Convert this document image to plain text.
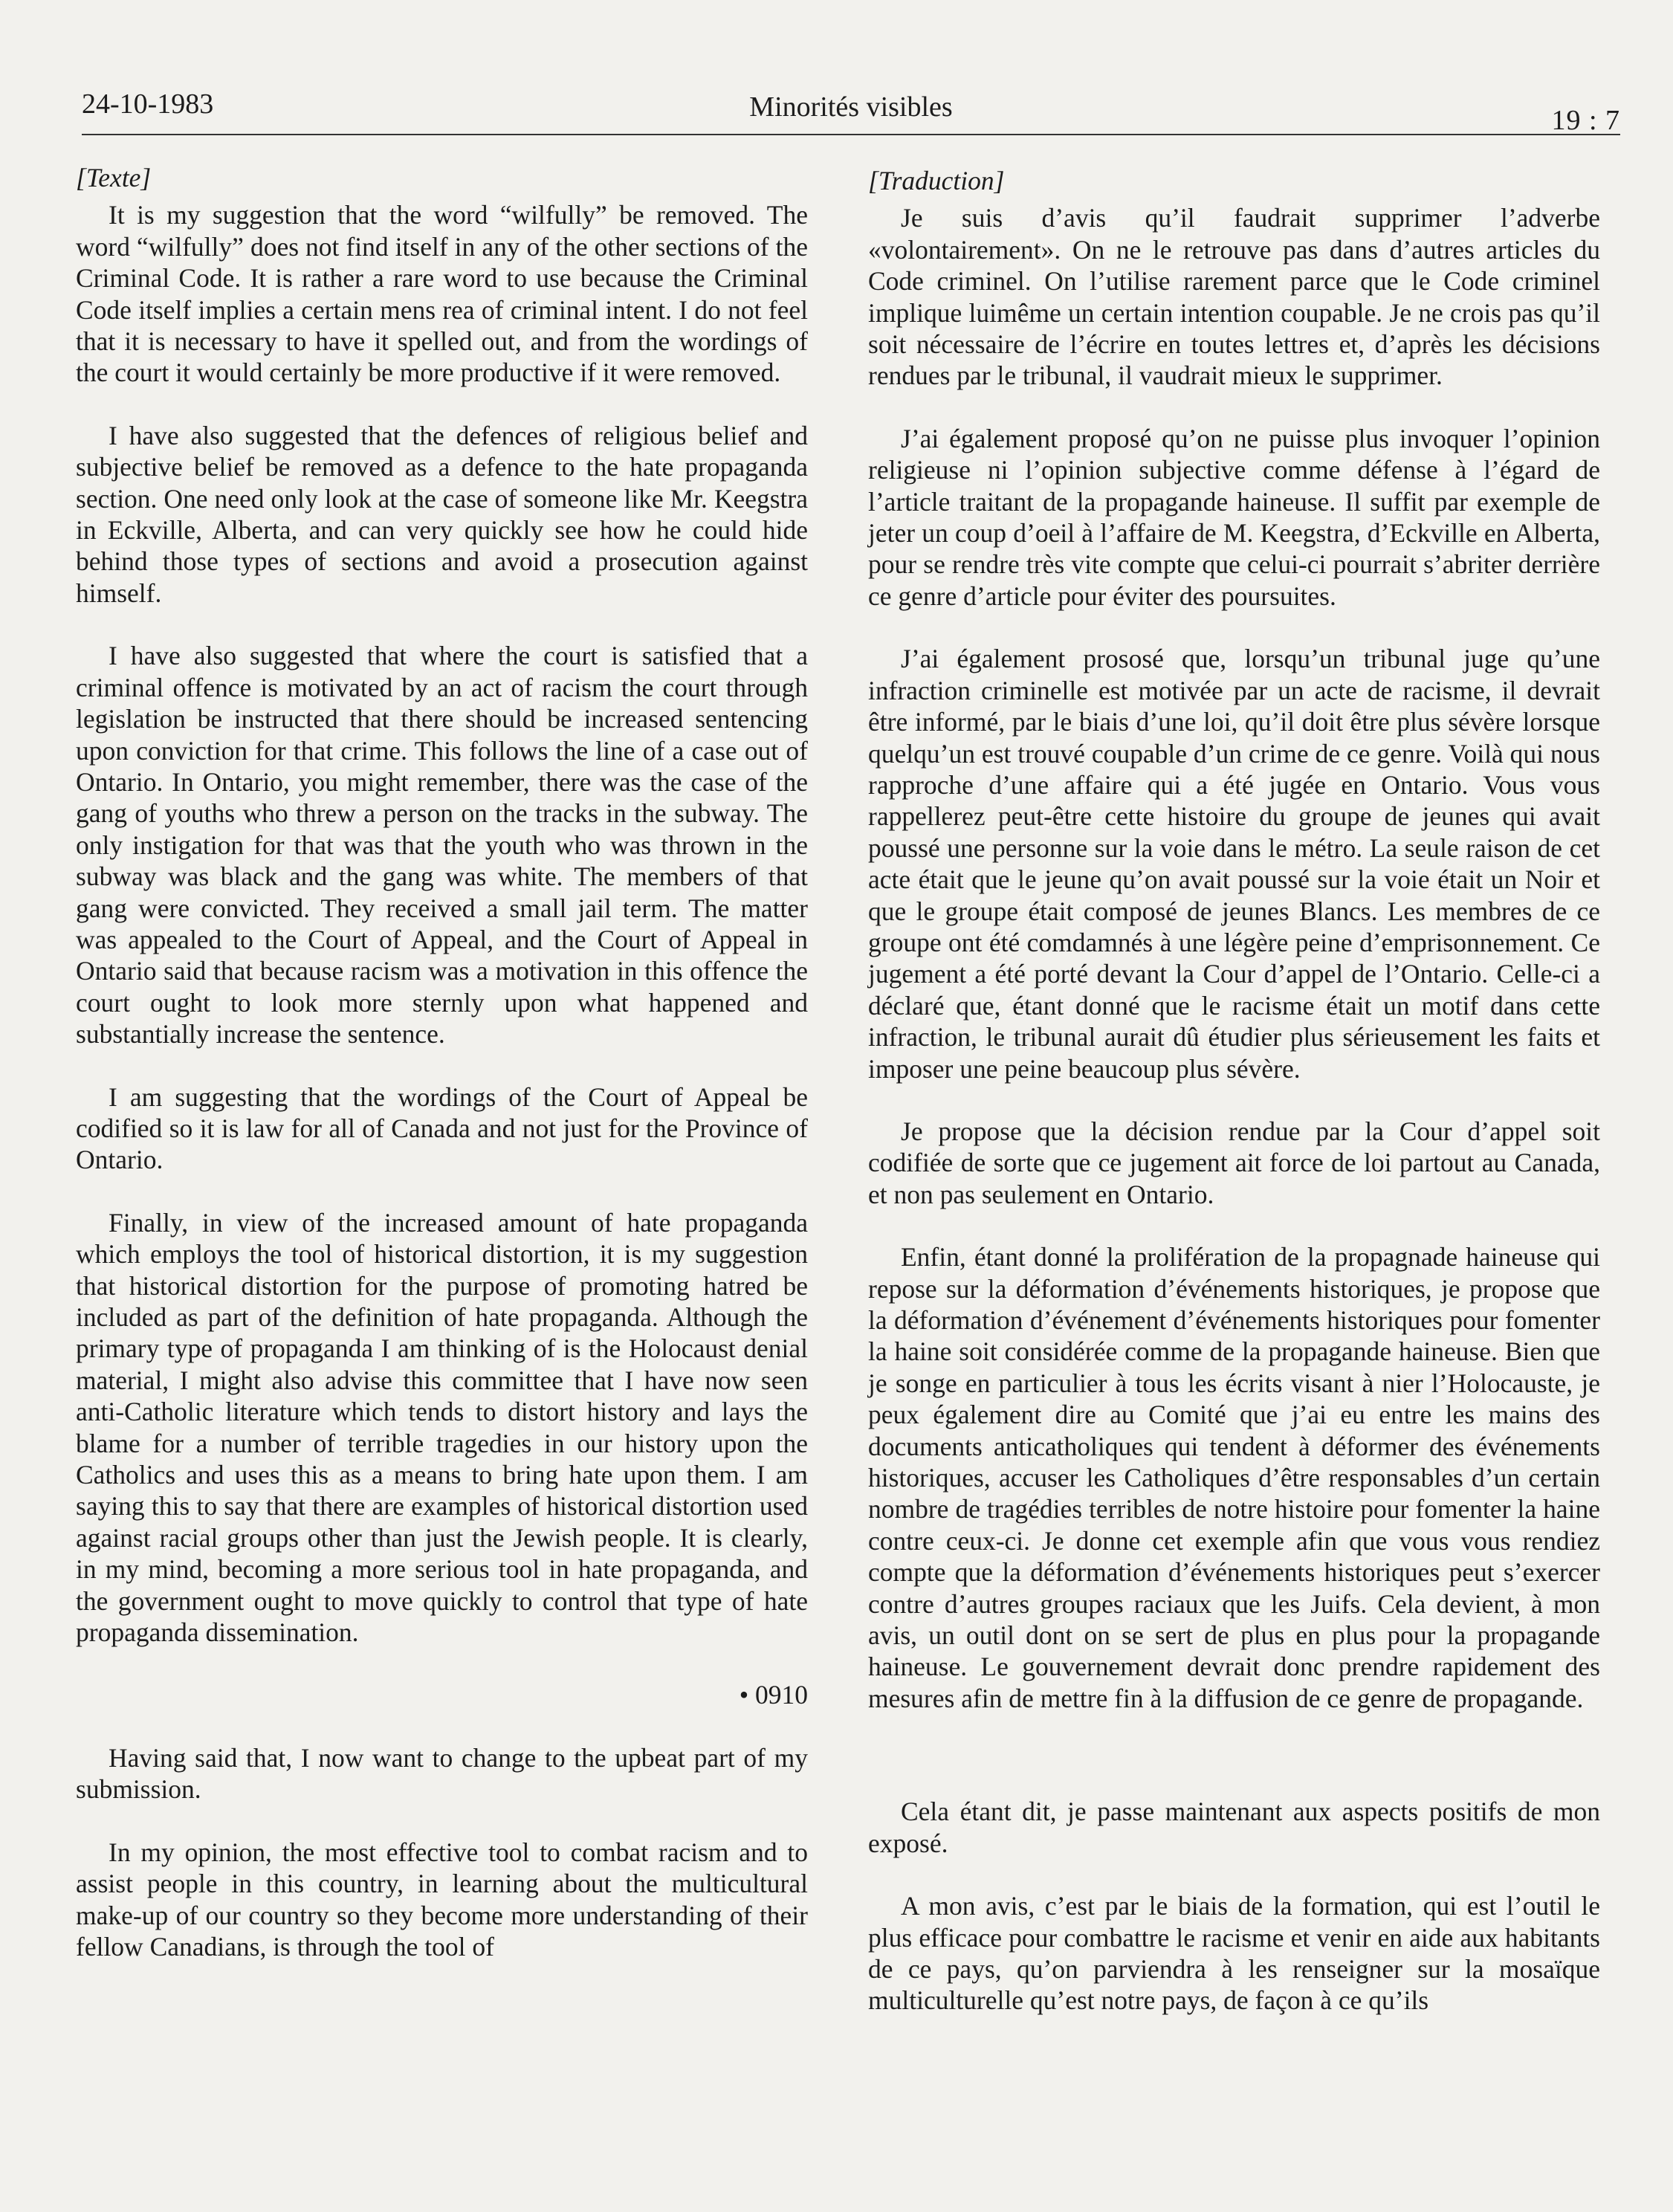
24-10-1983	Minorités visibles	19 : 7

[Texte]

It is my suggestion that the word “wilfully” be removed. The word “wilfully” does not find itself in any of the other sections of the Criminal Code. It is rather a rare word to use because the Criminal Code itself implies a certain mens rea of criminal intent. I do not feel that it is necessary to have it spelled out, and from the wordings of the court it would certainly be more productive if it were removed.

I have also suggested that the defences of religious belief and subjective belief be removed as a defence to the hate propaganda section. One need only look at the case of someone like Mr. Keegstra in Eckville, Alberta, and can very quickly see how he could hide behind those types of sections and avoid a prosecution against himself.

I have also suggested that where the court is satisfied that a criminal offence is motivated by an act of racism the court through legislation be instructed that there should be increased sentencing upon conviction for that crime. This follows the line of a case out of Ontario. In Ontario, you might remember, there was the case of the gang of youths who threw a person on the tracks in the subway. The only instigation for that was that the youth who was thrown in the subway was black and the gang was white. The members of that gang were convicted. They received a small jail term. The matter was appealed to the Court of Appeal, and the Court of Appeal in Ontario said that because racism was a motivation in this offence the court ought to look more sternly upon what happened and substantially increase the sentence.

I am suggesting that the wordings of the Court of Appeal be codified so it is law for all of Canada and not just for the Province of Ontario.

Finally, in view of the increased amount of hate propaganda which employs the tool of historical distortion, it is my suggestion that historical distortion for the purpose of promoting hatred be included as part of the definition of hate propaganda. Although the primary type of propaganda I am thinking of is the Holocaust denial material, I might also advise this committee that I have now seen anti-Catholic literature which tends to distort history and lays the blame for a number of terrible tragedies in our history upon the Catholics and uses this as a means to bring hate upon them. I am saying this to say that there are examples of historical distortion used against racial groups other than just the Jewish people. It is clearly, in my mind, becoming a more serious tool in hate propaganda, and the government ought to move quickly to control that type of hate propaganda dissemination.

• 0910

Having said that, I now want to change to the upbeat part of my submission.

In my opinion, the most effective tool to combat racism and to assist people in this country, in learning about the multicultural make-up of our country so they become more understanding of their fellow Canadians, is through the tool of

[Traduction]

Je suis d’avis qu’il faudrait supprimer l’adverbe «volontairement». On ne le retrouve pas dans d’autres articles du Code criminel. On l’utilise rarement parce que le Code criminel implique luimême un certain intention coupable. Je ne crois pas qu’il soit nécessaire de l’écrire en toutes lettres et, d’après les décisions rendues par le tribunal, il vaudrait mieux le supprimer.

J’ai également proposé qu’on ne puisse plus invoquer l’opinion religieuse ni l’opinion subjective comme défense à l’égard de l’article traitant de la propagande haineuse. Il suffit par exemple de jeter un coup d’oeil à l’affaire de M. Keegstra, d’Eckville en Alberta, pour se rendre très vite compte que celui-ci pourrait s’abriter derrière ce genre d’article pour éviter des poursuites.

J’ai également prososé que, lorsqu’un tribunal juge qu’une infraction criminelle est motivée par un acte de racisme, il devrait être informé, par le biais d’une loi, qu’il doit être plus sévère lorsque quelqu’un est trouvé coupable d’un crime de ce genre. Voilà qui nous rapproche d’une affaire qui a été jugée en Ontario. Vous vous rappellerez peut-être cette histoire du groupe de jeunes qui avait poussé une personne sur la voie dans le métro. La seule raison de cet acte était que le jeune qu’on avait poussé sur la voie était un Noir et que le groupe était composé de jeunes Blancs. Les membres de ce groupe ont été comdamnés à une légère peine d’emprisonnement. Ce jugement a été porté devant la Cour d’appel de l’Ontario. Celle-ci a déclaré que, étant donné que le racisme était un motif dans cette infraction, le tribunal aurait dû étudier plus sérieusement les faits et imposer une peine beaucoup plus sévère.

Je propose que la décision rendue par la Cour d’appel soit codifiée de sorte que ce jugement ait force de loi partout au Canada, et non pas seulement en Ontario.

Enfin, étant donné la prolifération de la propagnade haineuse qui repose sur la déformation d’événements historiques, je propose que la déformation d’événement d’événements historiques pour fomenter la haine soit considérée comme de la propagande haineuse. Bien que je songe en particulier à tous les écrits visant à nier l’Holocauste, je peux également dire au Comité que j’ai eu entre les mains des documents anticatholiques qui tendent à déformer des événements historiques, accuser les Catholiques d’être responsables d’un certain nombre de tragédies terribles de notre histoire pour fomenter la haine contre ceux-ci. Je donne cet exemple afin que vous vous rendiez compte que la déformation d’événements historiques peut s’exercer contre d’autres groupes raciaux que les Juifs. Cela devient, à mon avis, un outil dont on se sert de plus en plus pour la propagande haineuse. Le gouvernement devrait donc prendre rapidement des mesures afin de mettre fin à la diffusion de ce genre de propagande.

Cela étant dit, je passe maintenant aux aspects positifs de mon exposé.

A mon avis, c’est par le biais de la formation, qui est l’outil le plus efficace pour combattre le racisme et venir en aide aux habitants de ce pays, qu’on parviendra à les renseigner sur la mosaïque multiculturelle qu’est notre pays, de façon à ce qu’ils
